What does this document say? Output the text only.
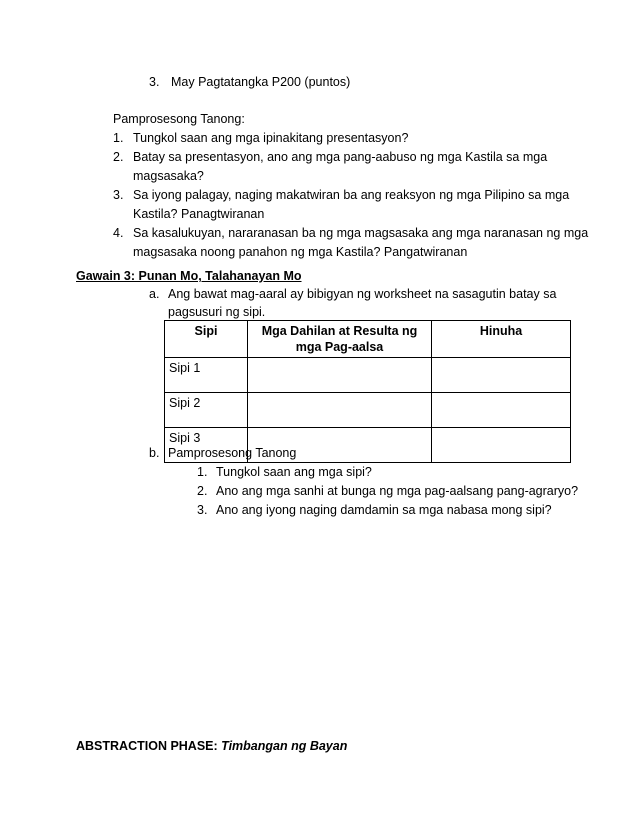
3. May Pagtatangka P200 (puntos)
Pamprosesong Tanong:
1. Tungkol saan ang mga ipinakitang presentasyon?
2. Batay sa presentasyon, ano ang mga pang-aabuso ng mga Kastila sa mga
magsasaka?
3. Sa iyong palagay, naging makatwiran ba ang reaksyon ng mga Pilipino sa mga
Kastila? Panagtwiranan
4. Sa kasalukuyan, nararanasan ba ng mga magsasaka ang mga naranasan ng mga
magsasaka noong panahon ng mga Kastila? Pangatwiranan
Gawain 3: Punan Mo, Talahanayan Mo
a. Ang bawat mag-aaral ay bibigyan ng worksheet na sasagutin batay sa
pagsusuri ng sipi.
Sipi	Mga Dahilan at Resulta ng mga Pag-aalsa	Hinuha
Sipi 1		
Sipi 2		
Sipi 3		
b. Pamprosesong Tanong
1. Tungkol saan ang mga sipi?
2. Ano ang mga sanhi at bunga ng mga pag-aalsang pang-agraryo?
3. Ano ang iyong naging damdamin sa mga nabasa mong sipi?
ABSTRACTION PHASE: Timbangan ng Bayan
